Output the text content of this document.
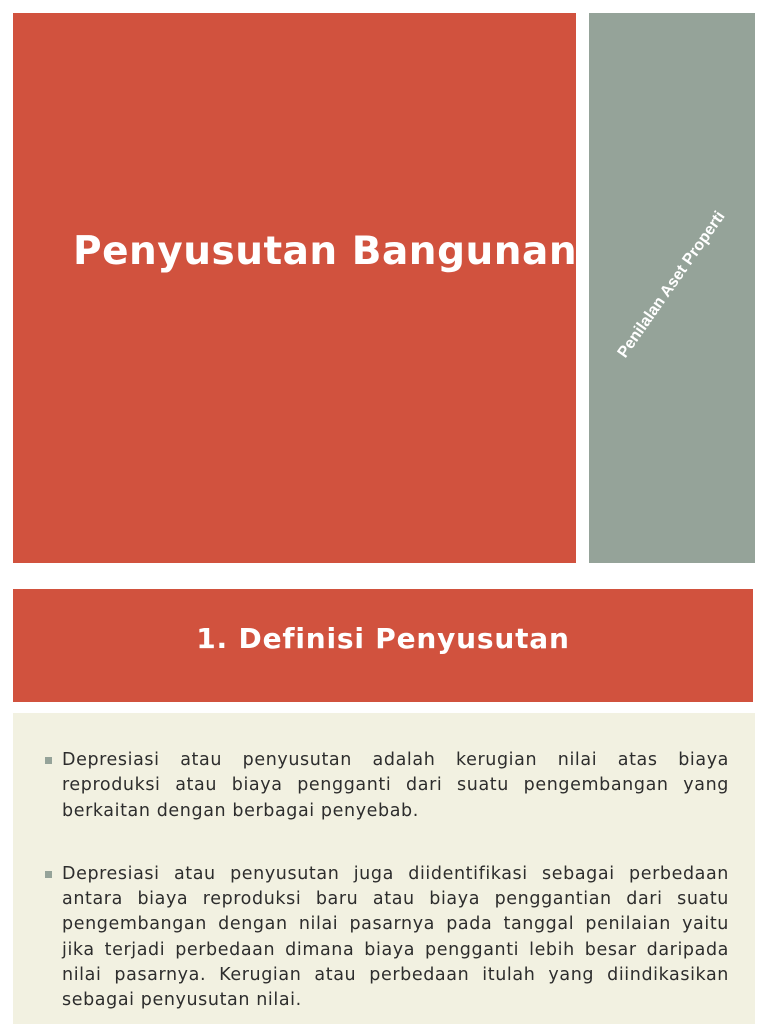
Penyusutan Bangunan Penilalan Aset Properti
1. Definisi Penyusutan
Depresiasi atau penyusutan adalah kerugian nilai atas biaya reproduksi atau biaya pengganti dari suatu pengembangan yang berkaitan dengan berbagai penyebab.
Depresiasi atau penyusutan juga diidentifikasi sebagai perbedaan antara biaya reproduksi baru atau biaya penggantian dari suatu pengembangan dengan nilai pasarnya pada tanggal penilaian yaitu jika terjadi perbedaan dimana biaya pengganti lebih besar daripada nilai pasarnya. Kerugian atau perbedaan itulah yang diindikasikan sebagai penyusutan nilai.
